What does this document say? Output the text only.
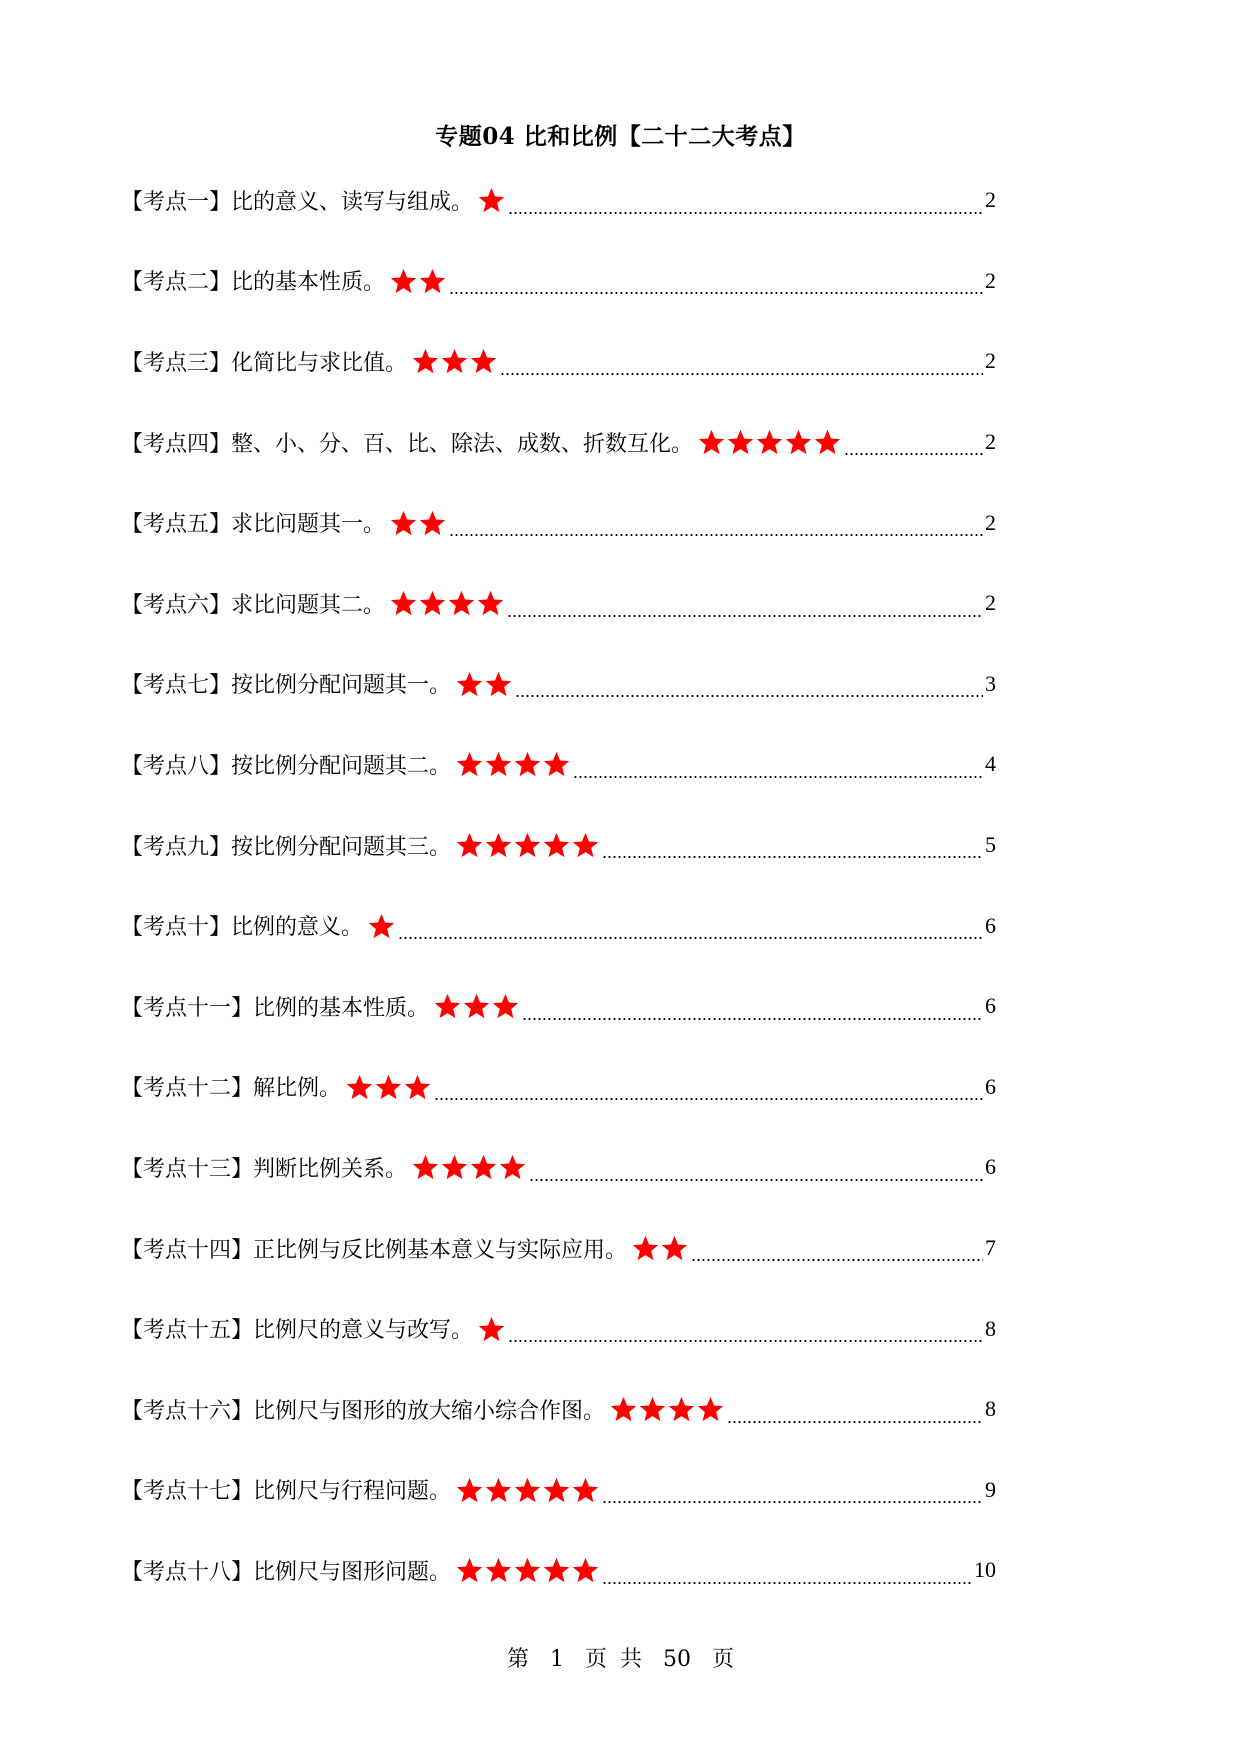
专题04 比和比例【二十二大考点】
【考点一】比的意义、读写与组成。	2
【考点二】比的基本性质。	2
【考点三】化简比与求比值。	2
【考点四】整、小、分、百、比、除法、成数、折数互化。	2
【考点五】求比问题其一。	2
【考点六】求比问题其二。	2
【考点七】按比例分配问题其一。	3
【考点八】按比例分配问题其二。	4
【考点九】按比例分配问题其三。	5
【考点十】比例的意义。	6
【考点十一】比例的基本性质。	6
【考点十二】解比例。	6
【考点十三】判断比例关系。	6
【考点十四】正比例与反比例基本意义与实际应用。	7
【考点十五】比例尺的意义与改写。	8
【考点十六】比例尺与图形的放大缩小综合作图。	8
【考点十七】比例尺与行程问题。	9
【考点十八】比例尺与图形问题。	10
第 1 页 共 50 页
